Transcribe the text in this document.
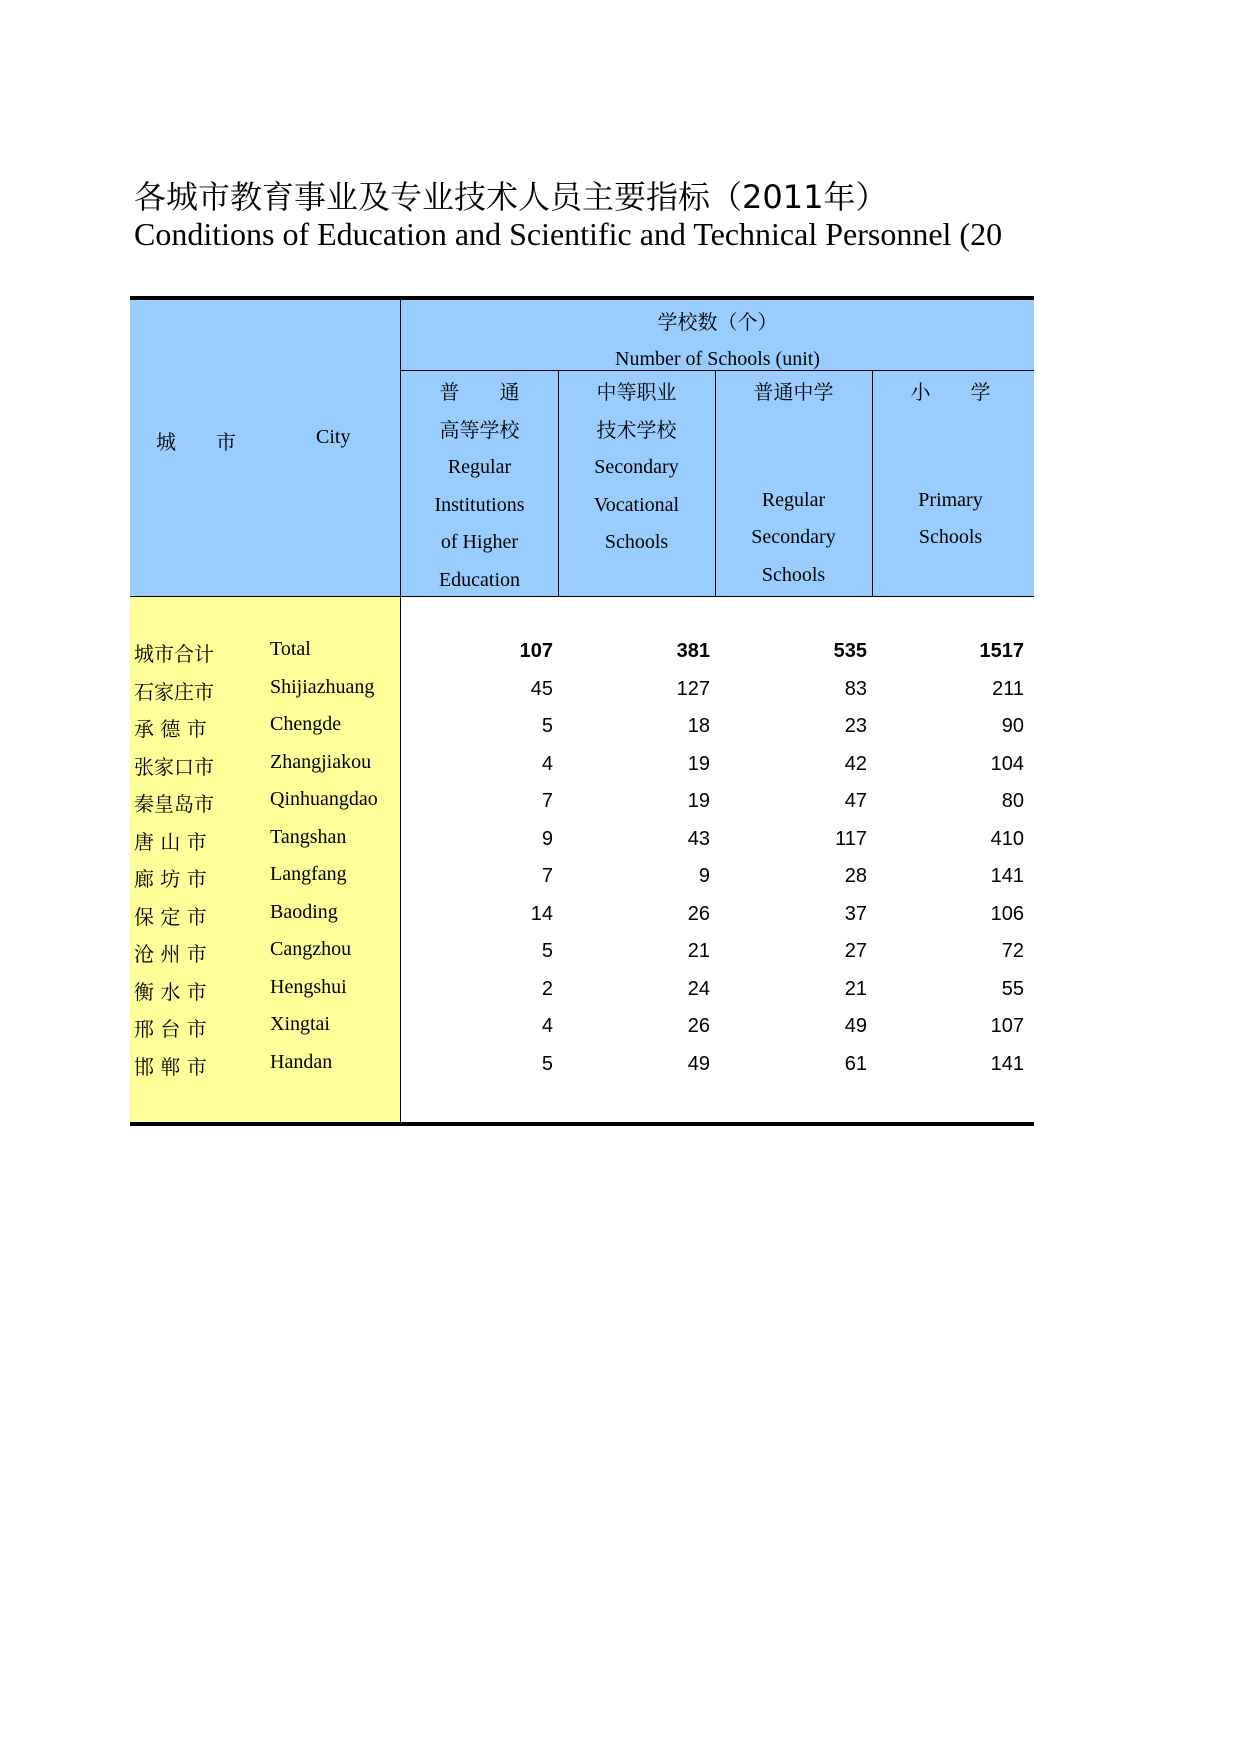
各城市教育事业及专业技术人员主要指标（2011年）
Conditions of Education and Scientific and Technical Personnel (20
城　　市	City
学校数（个）
Number of Schools (unit)
普　　通
高等学校
Regular
Institutions
of Higher
Education
中等职业
技术学校
Secondary
Vocational
Schools
普通中学
Regular
Secondary
Schools
小　　学
Primary
Schools
城市合计	Total	107	381	535	1517
石家庄市	Shijiazhuang	45	127	83	211
承 德 市	Chengde	5	18	23	90
张家口市	Zhangjiakou	4	19	42	104
秦皇岛市	Qinhuangdao	7	19	47	80
唐 山 市	Tangshan	9	43	117	410
廊 坊 市	Langfang	7	9	28	141
保 定 市	Baoding	14	26	37	106
沧 州 市	Cangzhou	5	21	27	72
衡 水 市	Hengshui	2	24	21	55
邢 台 市	Xingtai	4	26	49	107
邯 郸 市	Handan	5	49	61	141
